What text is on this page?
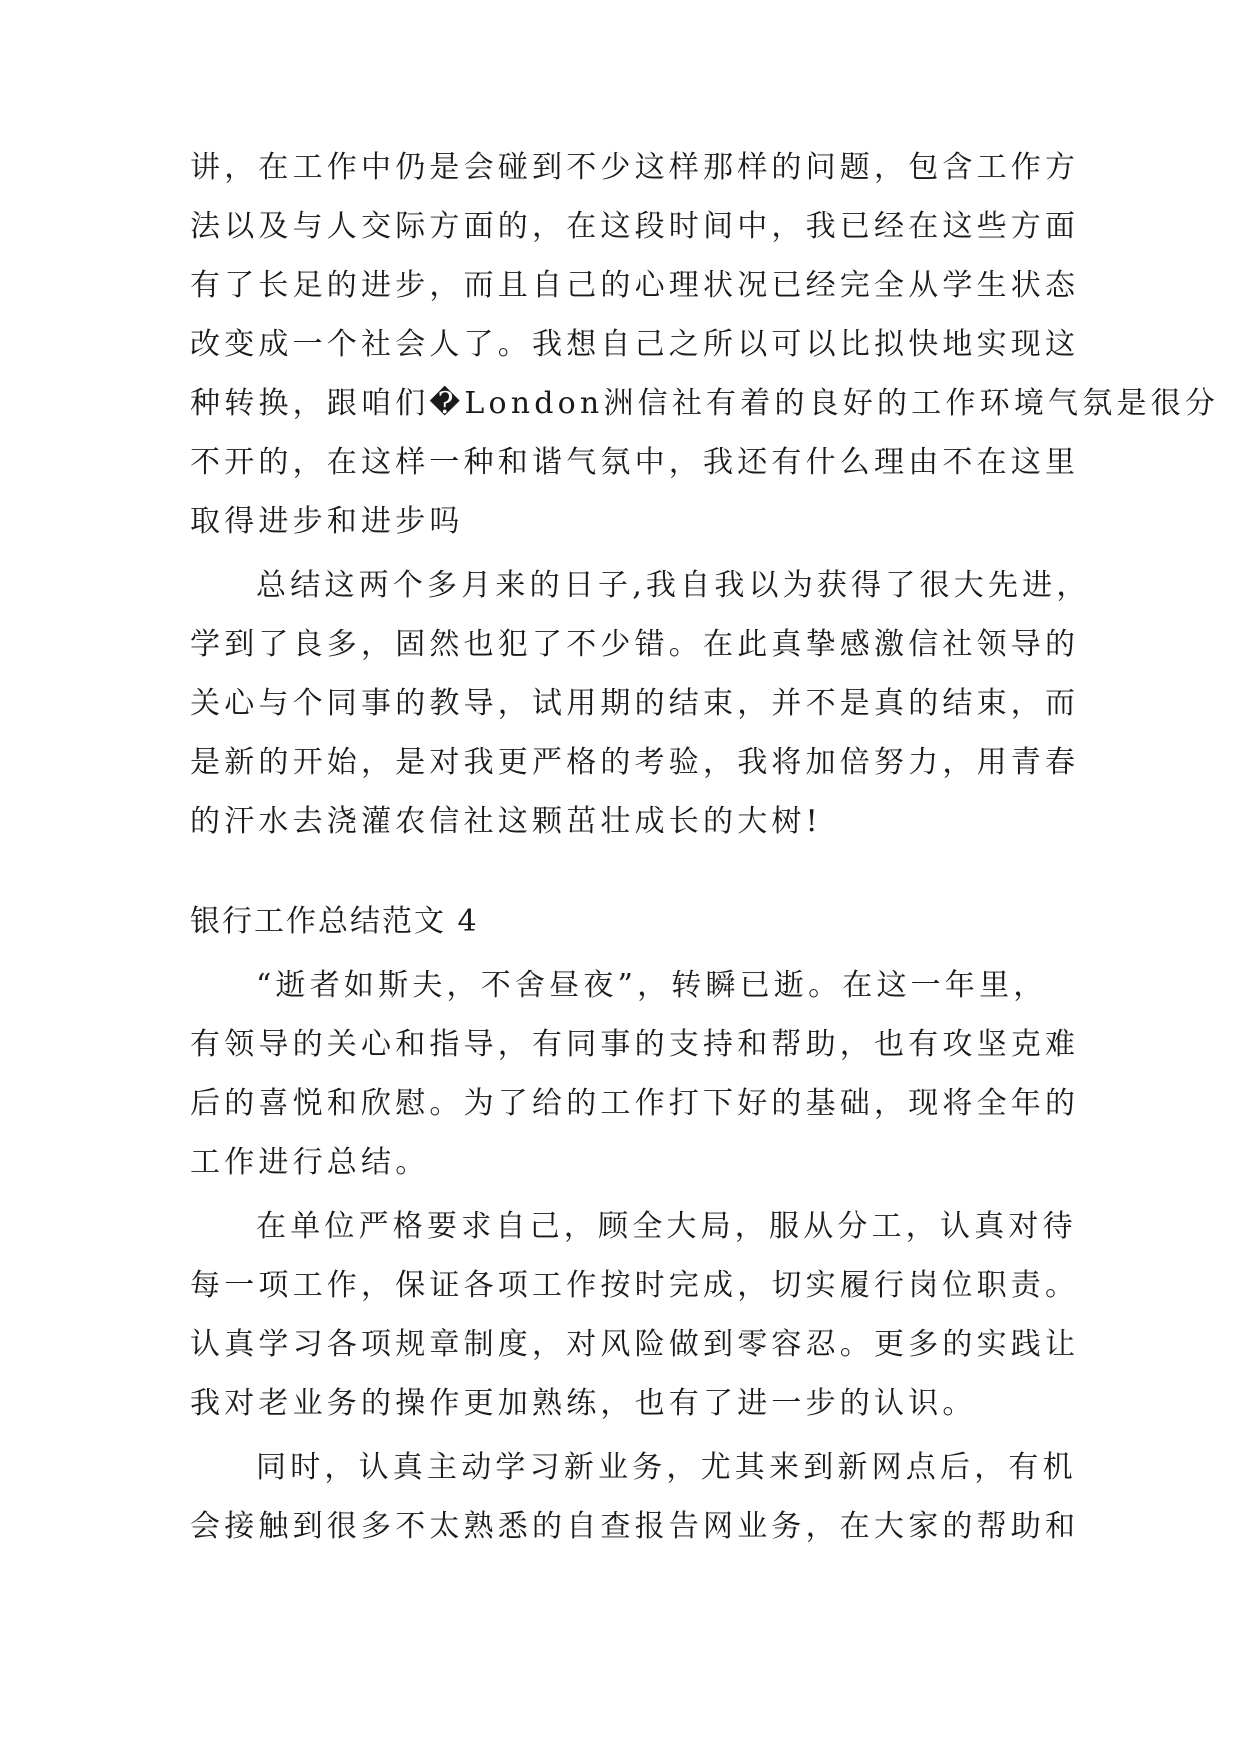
讲，在工作中仍是会碰到不少这样那样的问题，包含工作方
法以及与人交际方面的，在这段时间中，我已经在这些方面
有了长足的进步，而且自己的心理状况已经完全从学生状态
改变成一个社会人了。我想自己之所以可以比拟快地实现这
种转换，跟咱们�London洲信社有着的良好的工作环境气氛是很分
不开的，在这样一种和谐气氛中，我还有什么理由不在这里
取得进步和进步吗
总结这两个多月来的日子,我自我以为获得了很大先进，
学到了良多，固然也犯了不少错。在此真挚感激信社领导的
关心与个同事的教导，试用期的结束，并不是真的结束，而
是新的开始，是对我更严格的考验，我将加倍努力，用青春
的汗水去浇灌农信社这颗茁壮成长的大树!
银行工作总结范文 4
“逝者如斯夫，不舍昼夜”，转瞬已逝。在这一年里，
有领导的关心和指导，有同事的支持和帮助，也有攻坚克难
后的喜悦和欣慰。为了给的工作打下好的基础，现将全年的
工作进行总结。
在单位严格要求自己，顾全大局，服从分工，认真对待
每一项工作，保证各项工作按时完成，切实履行岗位职责。
认真学习各项规章制度，对风险做到零容忍。更多的实践让
我对老业务的操作更加熟练，也有了进一步的认识。
同时，认真主动学习新业务，尤其来到新网点后，有机
会接触到很多不太熟悉的自查报告网业务，在大家的帮助和
